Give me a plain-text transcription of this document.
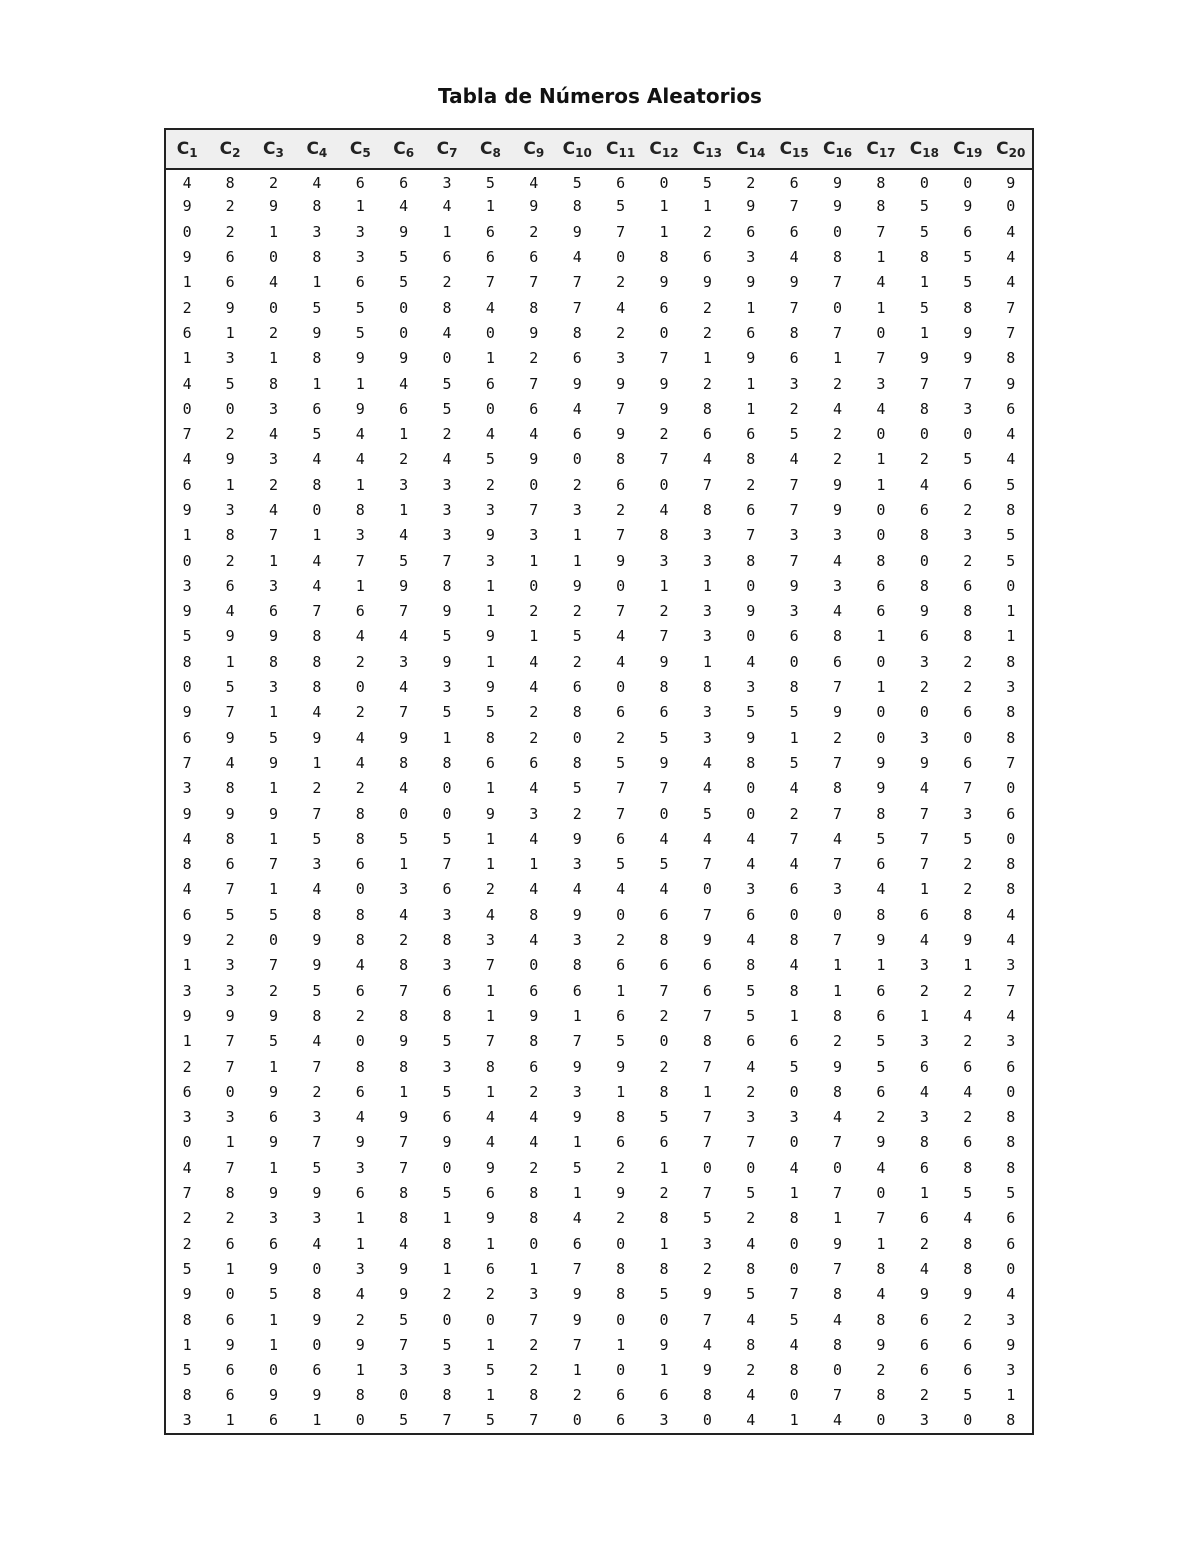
Tabla de Números Aleatorios
$C_1$	$C_2$	$C_3$	$C_4$	$C_5$	$C_6$	$C_7$	$C_8$	$C_9$	$C_{10}$	$C_{11}$	$C_{12}$	$C_{13}$	$C_{14}$	$C_{15}$	$C_{16}$	$C_{17}$	$C_{18}$	$C_{19}$	$C_{20}$
4	8	2	4	6	6	3	5	4	5	6	0	5	2	6	9	8	0	0	9
9	2	9	8	1	4	4	1	9	8	5	1	1	9	7	9	8	5	9	0
0	2	1	3	3	9	1	6	2	9	7	1	2	6	6	0	7	5	6	4
9	6	0	8	3	5	6	6	6	4	0	8	6	3	4	8	1	8	5	4
1	6	4	1	6	5	2	7	7	7	2	9	9	9	9	7	4	1	5	4
2	9	0	5	5	0	8	4	8	7	4	6	2	1	7	0	1	5	8	7
6	1	2	9	5	0	4	0	9	8	2	0	2	6	8	7	0	1	9	7
1	3	1	8	9	9	0	1	2	6	3	7	1	9	6	1	7	9	9	8
4	5	8	1	1	4	5	6	7	9	9	9	2	1	3	2	3	7	7	9
0	0	3	6	9	6	5	0	6	4	7	9	8	1	2	4	4	8	3	6
7	2	4	5	4	1	2	4	4	6	9	2	6	6	5	2	0	0	0	4
4	9	3	4	4	2	4	5	9	0	8	7	4	8	4	2	1	2	5	4
6	1	2	8	1	3	3	2	0	2	6	0	7	2	7	9	1	4	6	5
9	3	4	0	8	1	3	3	7	3	2	4	8	6	7	9	0	6	2	8
1	8	7	1	3	4	3	9	3	1	7	8	3	7	3	3	0	8	3	5
0	2	1	4	7	5	7	3	1	1	9	3	3	8	7	4	8	0	2	5
3	6	3	4	1	9	8	1	0	9	0	1	1	0	9	3	6	8	6	0
9	4	6	7	6	7	9	1	2	2	7	2	3	9	3	4	6	9	8	1
5	9	9	8	4	4	5	9	1	5	4	7	3	0	6	8	1	6	8	1
8	1	8	8	2	3	9	1	4	2	4	9	1	4	0	6	0	3	2	8
0	5	3	8	0	4	3	9	4	6	0	8	8	3	8	7	1	2	2	3
9	7	1	4	2	7	5	5	2	8	6	6	3	5	5	9	0	0	6	8
6	9	5	9	4	9	1	8	2	0	2	5	3	9	1	2	0	3	0	8
7	4	9	1	4	8	8	6	6	8	5	9	4	8	5	7	9	9	6	7
3	8	1	2	2	4	0	1	4	5	7	7	4	0	4	8	9	4	7	0
9	9	9	7	8	0	0	9	3	2	7	0	5	0	2	7	8	7	3	6
4	8	1	5	8	5	5	1	4	9	6	4	4	4	7	4	5	7	5	0
8	6	7	3	6	1	7	1	1	3	5	5	7	4	4	7	6	7	2	8
4	7	1	4	0	3	6	2	4	4	4	4	0	3	6	3	4	1	2	8
6	5	5	8	8	4	3	4	8	9	0	6	7	6	0	0	8	6	8	4
9	2	0	9	8	2	8	3	4	3	2	8	9	4	8	7	9	4	9	4
1	3	7	9	4	8	3	7	0	8	6	6	6	8	4	1	1	3	1	3
3	3	2	5	6	7	6	1	6	6	1	7	6	5	8	1	6	2	2	7
9	9	9	8	2	8	8	1	9	1	6	2	7	5	1	8	6	1	4	4
1	7	5	4	0	9	5	7	8	7	5	0	8	6	6	2	5	3	2	3
2	7	1	7	8	8	3	8	6	9	9	2	7	4	5	9	5	6	6	6
6	0	9	2	6	1	5	1	2	3	1	8	1	2	0	8	6	4	4	0
3	3	6	3	4	9	6	4	4	9	8	5	7	3	3	4	2	3	2	8
0	1	9	7	9	7	9	4	4	1	6	6	7	7	0	7	9	8	6	8
4	7	1	5	3	7	0	9	2	5	2	1	0	0	4	0	4	6	8	8
7	8	9	9	6	8	5	6	8	1	9	2	7	5	1	7	0	1	5	5
2	2	3	3	1	8	1	9	8	4	2	8	5	2	8	1	7	6	4	6
2	6	6	4	1	4	8	1	0	6	0	1	3	4	0	9	1	2	8	6
5	1	9	0	3	9	1	6	1	7	8	8	2	8	0	7	8	4	8	0
9	0	5	8	4	9	2	2	3	9	8	5	9	5	7	8	4	9	9	4
8	6	1	9	2	5	0	0	7	9	0	0	7	4	5	4	8	6	2	3
1	9	1	0	9	7	5	1	2	7	1	9	4	8	4	8	9	6	6	9
5	6	0	6	1	3	3	5	2	1	0	1	9	2	8	0	2	6	6	3
8	6	9	9	8	0	8	1	8	2	6	6	8	4	0	7	8	2	5	1
3	1	6	1	0	5	7	5	7	0	6	3	0	4	1	4	0	3	0	8
